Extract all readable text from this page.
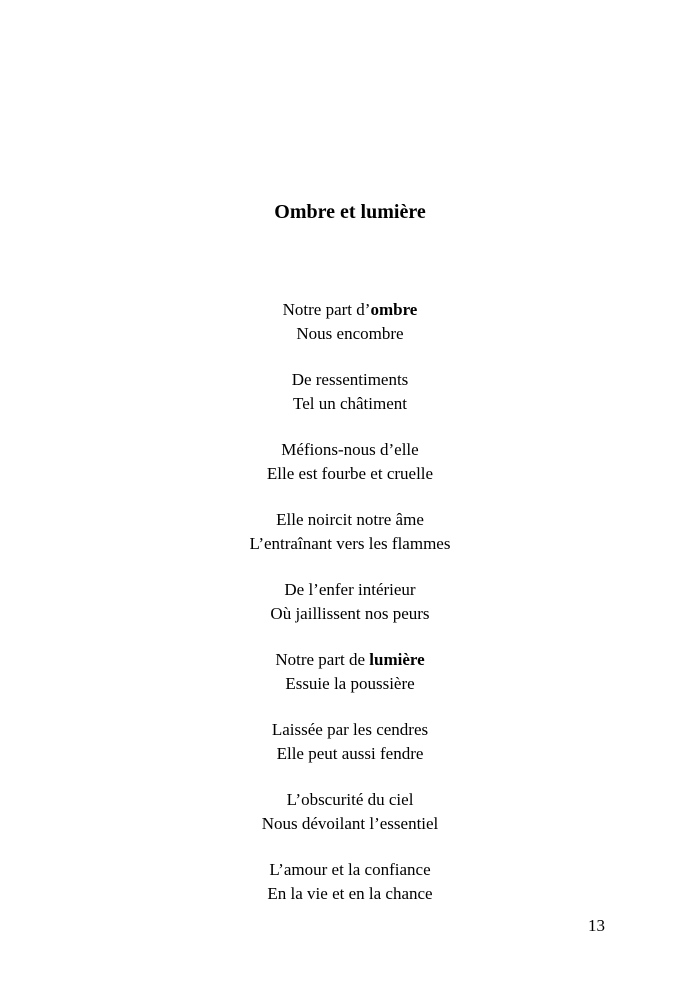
Ombre et lumière
Notre part d’ombre
Nous encombre
De ressentiments
Tel un châtiment
Méfions-nous d’elle
Elle est fourbe et cruelle
Elle noircit notre âme
L’entraînant vers les flammes
De l’enfer intérieur
Où jaillissent nos peurs
Notre part de lumière
Essuie la poussière
Laissée par les cendres
Elle peut aussi fendre
L’obscurité du ciel
Nous dévoilant l’essentiel
L’amour et la confiance
En la vie et en la chance
13
